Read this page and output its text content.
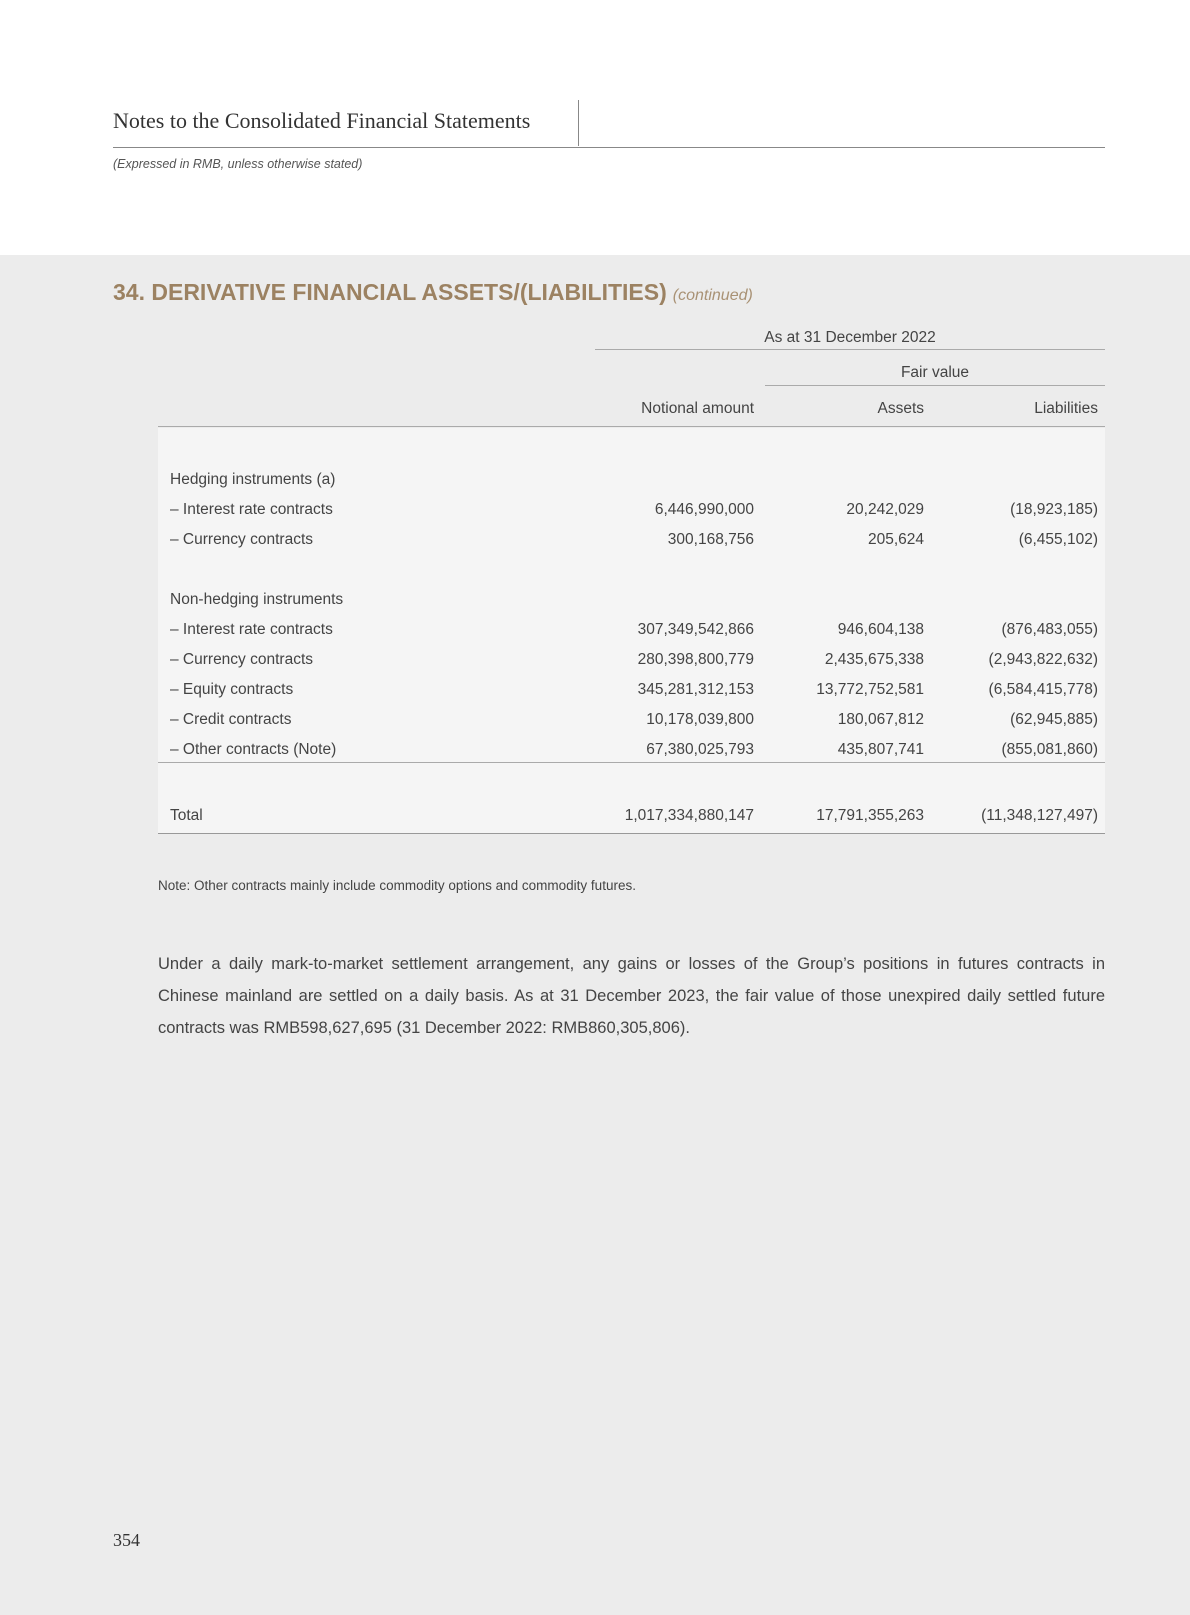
Notes to the Consolidated Financial Statements
(Expressed in RMB, unless otherwise stated)
34. DERIVATIVE FINANCIAL ASSETS/(LIABILITIES) (continued)
As at 31 December 2022
Fair value
Notional amount	Assets	Liabilities
Hedging instruments (a)
– Interest rate contracts	6,446,990,000	20,242,029	(18,923,185)
– Currency contracts	300,168,756	205,624	(6,455,102)
Non-hedging instruments
– Interest rate contracts	307,349,542,866	946,604,138	(876,483,055)
– Currency contracts	280,398,800,779	2,435,675,338	(2,943,822,632)
– Equity contracts	345,281,312,153	13,772,752,581	(6,584,415,778)
– Credit contracts	10,178,039,800	180,067,812	(62,945,885)
– Other contracts (Note)	67,380,025,793	435,807,741	(855,081,860)
Total	1,017,334,880,147	17,791,355,263	(11,348,127,497)
Note: Other contracts mainly include commodity options and commodity futures.
Under a daily mark-to-market settlement arrangement, any gains or losses of the Group’s positions in futures contracts in Chinese mainland are settled on a daily basis. As at 31 December 2023, the fair value of those unexpired daily settled future contracts was RMB598,627,695 (31 December 2022: RMB860,305,806).
354
